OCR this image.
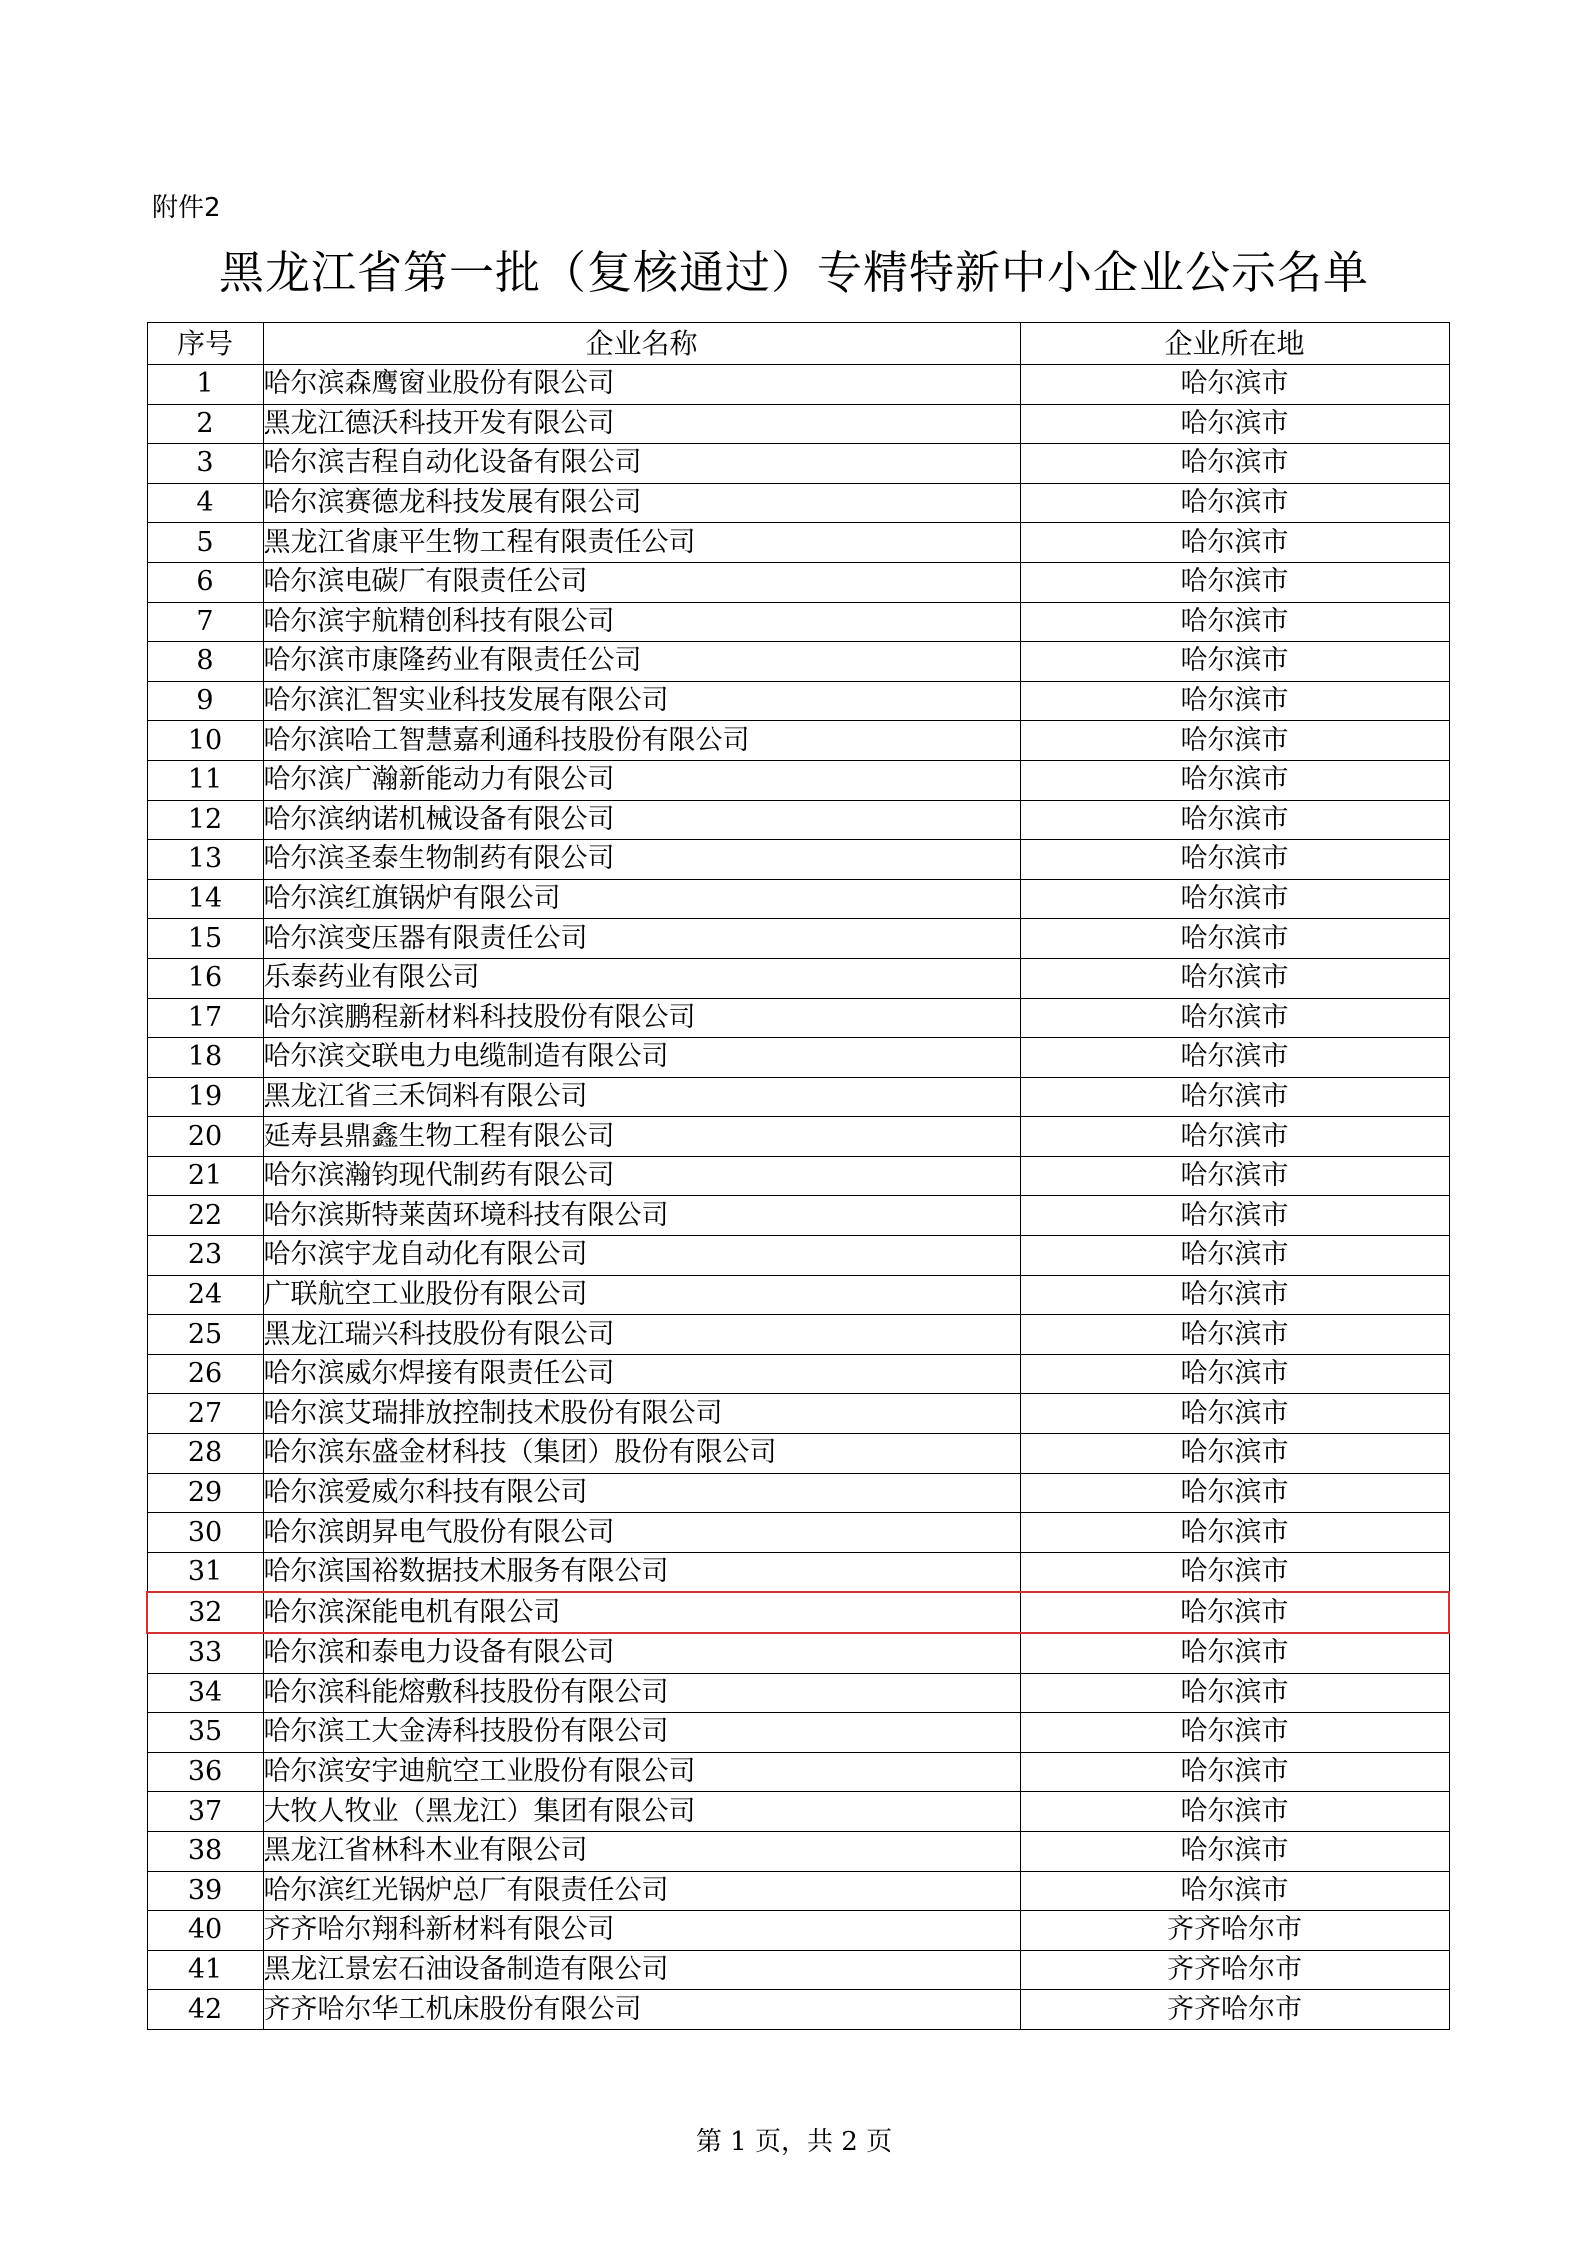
附件2
黑龙江省第一批（复核通过）专精特新中小企业公示名单
序号	企业名称	企业所在地
1	哈尔滨森鹰窗业股份有限公司	哈尔滨市
2	黑龙江德沃科技开发有限公司	哈尔滨市
3	哈尔滨吉程自动化设备有限公司	哈尔滨市
4	哈尔滨赛德龙科技发展有限公司	哈尔滨市
5	黑龙江省康平生物工程有限责任公司	哈尔滨市
6	哈尔滨电碳厂有限责任公司	哈尔滨市
7	哈尔滨宇航精创科技有限公司	哈尔滨市
8	哈尔滨市康隆药业有限责任公司	哈尔滨市
9	哈尔滨汇智实业科技发展有限公司	哈尔滨市
10	哈尔滨哈工智慧嘉利通科技股份有限公司	哈尔滨市
11	哈尔滨广瀚新能动力有限公司	哈尔滨市
12	哈尔滨纳诺机械设备有限公司	哈尔滨市
13	哈尔滨圣泰生物制药有限公司	哈尔滨市
14	哈尔滨红旗锅炉有限公司	哈尔滨市
15	哈尔滨变压器有限责任公司	哈尔滨市
16	乐泰药业有限公司	哈尔滨市
17	哈尔滨鹏程新材料科技股份有限公司	哈尔滨市
18	哈尔滨交联电力电缆制造有限公司	哈尔滨市
19	黑龙江省三禾饲料有限公司	哈尔滨市
20	延寿县鼎鑫生物工程有限公司	哈尔滨市
21	哈尔滨瀚钧现代制药有限公司	哈尔滨市
22	哈尔滨斯特莱茵环境科技有限公司	哈尔滨市
23	哈尔滨宇龙自动化有限公司	哈尔滨市
24	广联航空工业股份有限公司	哈尔滨市
25	黑龙江瑞兴科技股份有限公司	哈尔滨市
26	哈尔滨威尔焊接有限责任公司	哈尔滨市
27	哈尔滨艾瑞排放控制技术股份有限公司	哈尔滨市
28	哈尔滨东盛金材科技（集团）股份有限公司	哈尔滨市
29	哈尔滨爱威尔科技有限公司	哈尔滨市
30	哈尔滨朗昇电气股份有限公司	哈尔滨市
31	哈尔滨国裕数据技术服务有限公司	哈尔滨市
32	哈尔滨深能电机有限公司	哈尔滨市
33	哈尔滨和泰电力设备有限公司	哈尔滨市
34	哈尔滨科能熔敷科技股份有限公司	哈尔滨市
35	哈尔滨工大金涛科技股份有限公司	哈尔滨市
36	哈尔滨安宇迪航空工业股份有限公司	哈尔滨市
37	大牧人牧业（黑龙江）集团有限公司	哈尔滨市
38	黑龙江省林科木业有限公司	哈尔滨市
39	哈尔滨红光锅炉总厂有限责任公司	哈尔滨市
40	齐齐哈尔翔科新材料有限公司	齐齐哈尔市
41	黑龙江景宏石油设备制造有限公司	齐齐哈尔市
42	齐齐哈尔华工机床股份有限公司	齐齐哈尔市
第 1 页，共 2 页
